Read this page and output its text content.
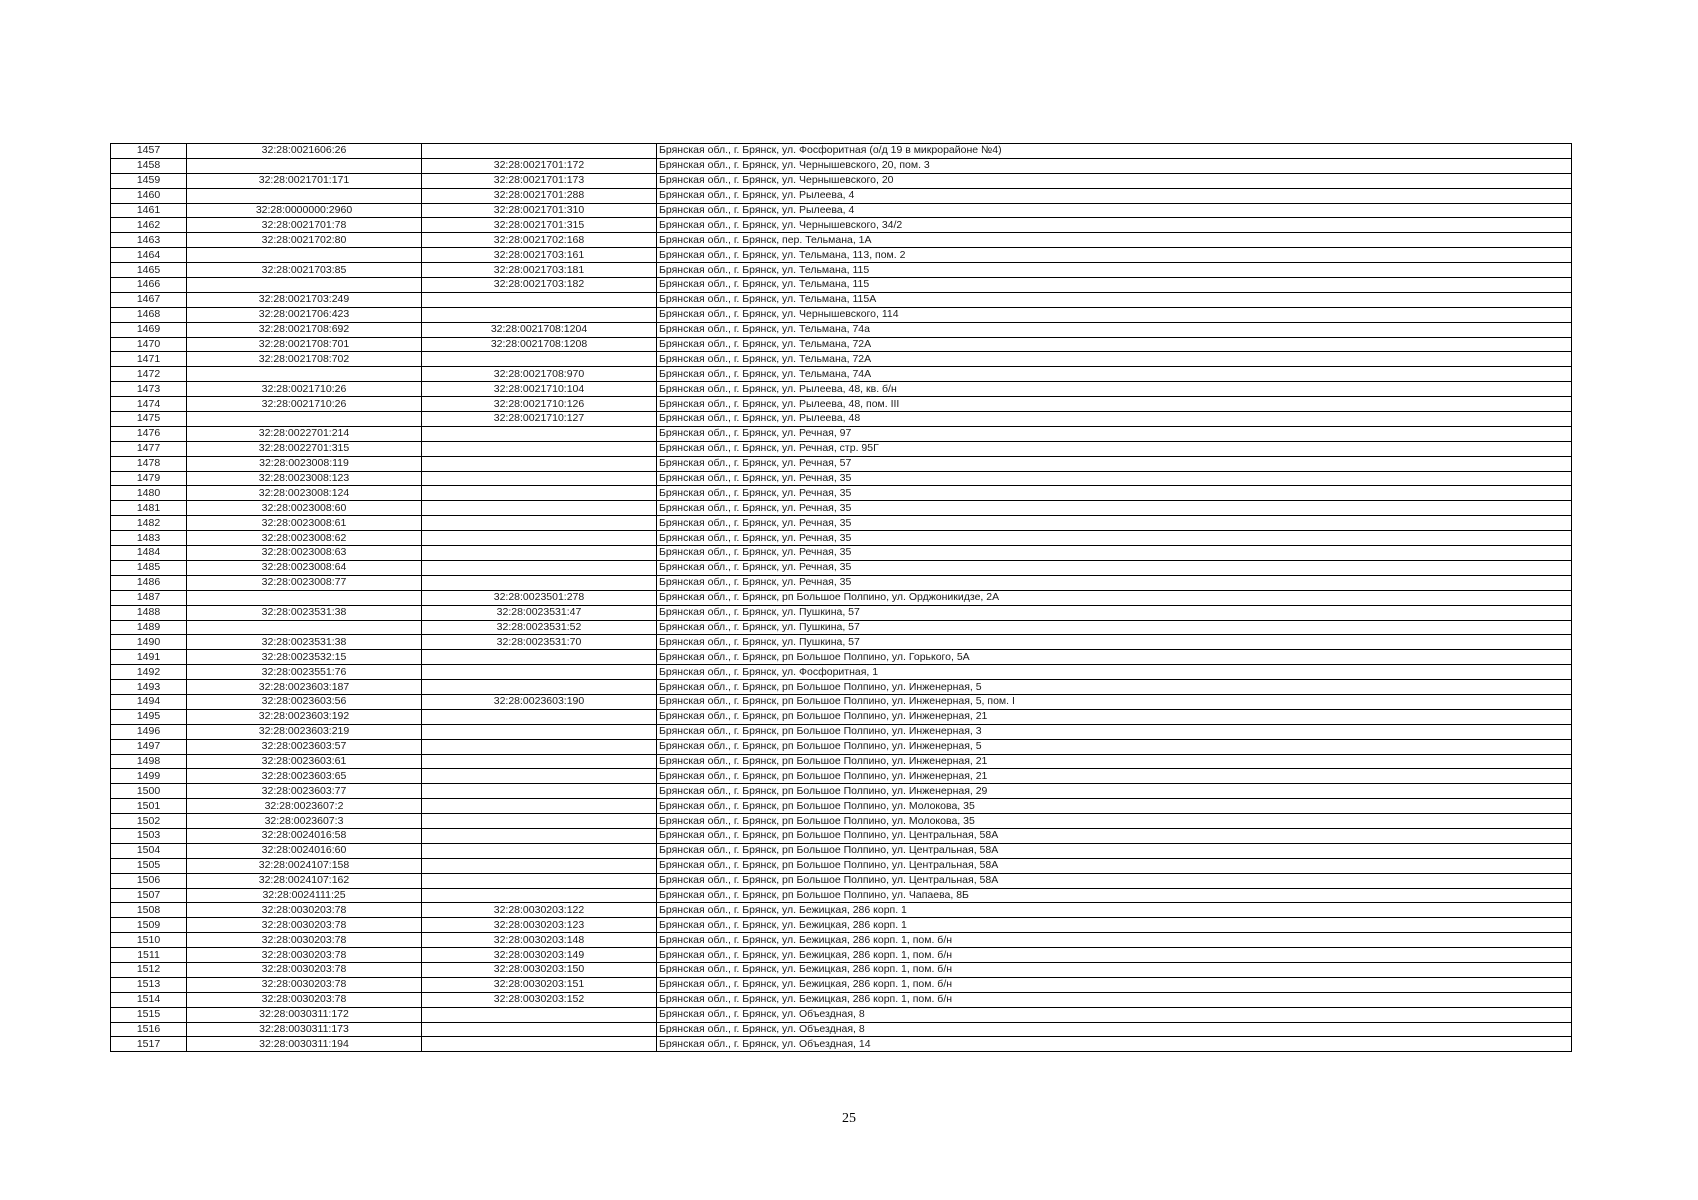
1457	32:28:0021606:26		Брянская обл., г. Брянск, ул. Фосфоритная (о/д 19 в микрорайоне №4)
1458		32:28:0021701:172	Брянская обл., г. Брянск, ул. Чернышевского, 20, пом. 3
1459	32:28:0021701:171	32:28:0021701:173	Брянская обл., г. Брянск, ул. Чернышевского, 20
1460		32:28:0021701:288	Брянская обл., г. Брянск, ул. Рылеева, 4
1461	32:28:0000000:2960	32:28:0021701:310	Брянская обл., г. Брянск, ул. Рылеева, 4
1462	32:28:0021701:78	32:28:0021701:315	Брянская обл., г. Брянск, ул. Чернышевского, 34/2
1463	32:28:0021702:80	32:28:0021702:168	Брянская обл., г. Брянск, пер. Тельмана, 1А
1464		32:28:0021703:161	Брянская обл., г. Брянск, ул. Тельмана, 113, пом. 2
1465	32:28:0021703:85	32:28:0021703:181	Брянская обл., г. Брянск, ул. Тельмана, 115
1466		32:28:0021703:182	Брянская обл., г. Брянск, ул. Тельмана, 115
1467	32:28:0021703:249		Брянская обл., г. Брянск, ул. Тельмана, 115А
1468	32:28:0021706:423		Брянская обл., г. Брянск, ул. Чернышевского, 114
1469	32:28:0021708:692	32:28:0021708:1204	Брянская обл., г. Брянск, ул. Тельмана, 74а
1470	32:28:0021708:701	32:28:0021708:1208	Брянская обл., г. Брянск, ул. Тельмана, 72А
1471	32:28:0021708:702		Брянская обл., г. Брянск, ул. Тельмана, 72А
1472		32:28:0021708:970	Брянская обл., г. Брянск, ул. Тельмана, 74А
1473	32:28:0021710:26	32:28:0021710:104	Брянская обл., г. Брянск, ул. Рылеева, 48, кв. б/н
1474	32:28:0021710:26	32:28:0021710:126	Брянская обл., г. Брянск, ул. Рылеева, 48, пом. III
1475		32:28:0021710:127	Брянская обл., г. Брянск, ул. Рылеева, 48
1476	32:28:0022701:214		Брянская обл., г. Брянск, ул. Речная, 97
1477	32:28:0022701:315		Брянская обл., г. Брянск, ул. Речная, стр. 95Г
1478	32:28:0023008:119		Брянская обл., г. Брянск, ул. Речная, 57
1479	32:28:0023008:123		Брянская обл., г. Брянск, ул. Речная, 35
1480	32:28:0023008:124		Брянская обл., г. Брянск, ул. Речная, 35
1481	32:28:0023008:60		Брянская обл., г. Брянск, ул. Речная, 35
1482	32:28:0023008:61		Брянская обл., г. Брянск, ул. Речная, 35
1483	32:28:0023008:62		Брянская обл., г. Брянск, ул. Речная, 35
1484	32:28:0023008:63		Брянская обл., г. Брянск, ул. Речная, 35
1485	32:28:0023008:64		Брянская обл., г. Брянск, ул. Речная, 35
1486	32:28:0023008:77		Брянская обл., г. Брянск, ул. Речная, 35
1487		32:28:0023501:278	Брянская обл., г. Брянск, рп Большое Полпино, ул. Орджоникидзе, 2А
1488	32:28:0023531:38	32:28:0023531:47	Брянская обл., г. Брянск, ул. Пушкина, 57
1489		32:28:0023531:52	Брянская обл., г. Брянск, ул. Пушкина, 57
1490	32:28:0023531:38	32:28:0023531:70	Брянская обл., г. Брянск, ул. Пушкина, 57
1491	32:28:0023532:15		Брянская обл., г. Брянск, рп Большое Полпино, ул. Горького, 5А
1492	32:28:0023551:76		Брянская обл., г. Брянск, ул. Фосфоритная, 1
1493	32:28:0023603:187		Брянская обл., г. Брянск, рп Большое Полпино, ул. Инженерная, 5
1494	32:28:0023603:56	32:28:0023603:190	Брянская обл., г. Брянск, рп Большое Полпино, ул. Инженерная, 5, пом. I
1495	32:28:0023603:192		Брянская обл., г. Брянск, рп Большое Полпино, ул. Инженерная, 21
1496	32:28:0023603:219		Брянская обл., г. Брянск, рп Большое Полпино, ул. Инженерная, 3
1497	32:28:0023603:57		Брянская обл., г. Брянск, рп Большое Полпино, ул. Инженерная, 5
1498	32:28:0023603:61		Брянская обл., г. Брянск, рп Большое Полпино, ул. Инженерная, 21
1499	32:28:0023603:65		Брянская обл., г. Брянск, рп Большое Полпино, ул. Инженерная, 21
1500	32:28:0023603:77		Брянская обл., г. Брянск, рп Большое Полпино, ул. Инженерная, 29
1501	32:28:0023607:2		Брянская обл., г. Брянск, рп Большое Полпино, ул. Молокова, 35
1502	32:28:0023607:3		Брянская обл., г. Брянск, рп Большое Полпино, ул. Молокова, 35
1503	32:28:0024016:58		Брянская обл., г. Брянск, рп Большое Полпино, ул. Центральная, 58А
1504	32:28:0024016:60		Брянская обл., г. Брянск, рп Большое Полпино, ул. Центральная, 58А
1505	32:28:0024107:158		Брянская обл., г. Брянск, рп Большое Полпино, ул. Центральная, 58А
1506	32:28:0024107:162		Брянская обл., г. Брянск, рп Большое Полпино, ул. Центральная, 58А
1507	32:28:0024111:25		Брянская обл., г. Брянск, рп Большое Полпино, ул. Чапаева, 8Б
1508	32:28:0030203:78	32:28:0030203:122	Брянская обл., г. Брянск, ул. Бежицкая, 286 корп. 1
1509	32:28:0030203:78	32:28:0030203:123	Брянская обл., г. Брянск, ул. Бежицкая, 286 корп. 1
1510	32:28:0030203:78	32:28:0030203:148	Брянская обл., г. Брянск, ул. Бежицкая, 286 корп. 1, пом. б/н
1511	32:28:0030203:78	32:28:0030203:149	Брянская обл., г. Брянск, ул. Бежицкая, 286 корп. 1, пом. б/н
1512	32:28:0030203:78	32:28:0030203:150	Брянская обл., г. Брянск, ул. Бежицкая, 286 корп. 1, пом. б/н
1513	32:28:0030203:78	32:28:0030203:151	Брянская обл., г. Брянск, ул. Бежицкая, 286 корп. 1, пом. б/н
1514	32:28:0030203:78	32:28:0030203:152	Брянская обл., г. Брянск, ул. Бежицкая, 286 корп. 1, пом. б/н
1515	32:28:0030311:172		Брянская обл., г. Брянск, ул. Объездная, 8
1516	32:28:0030311:173		Брянская обл., г. Брянск, ул. Объездная, 8
1517	32:28:0030311:194		Брянская обл., г. Брянск, ул. Объездная, 14
25
